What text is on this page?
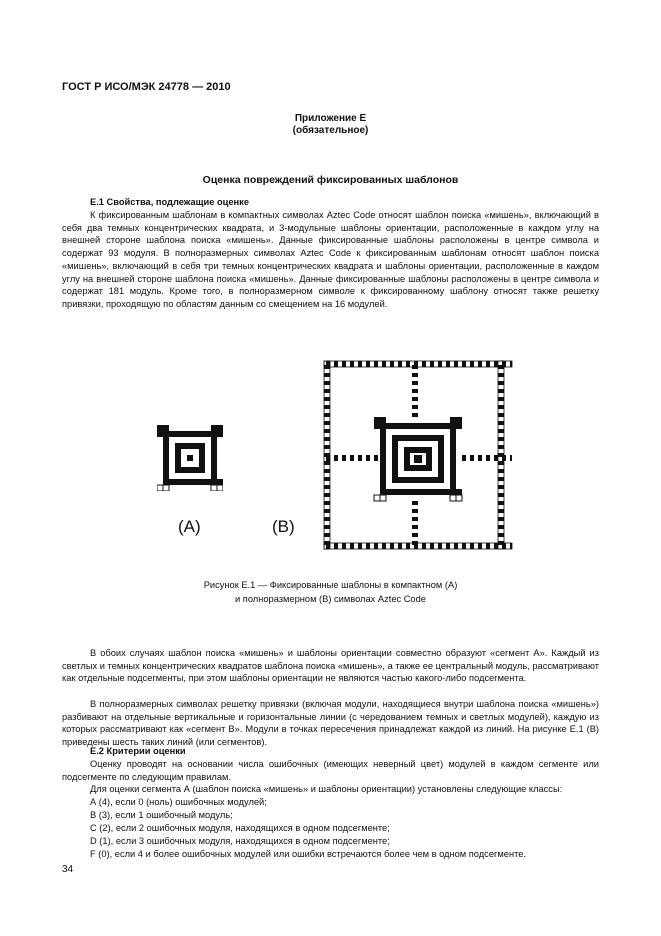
ГОСТ Р ИСО/МЭК 24778 — 2010
Приложение Е
(обязательное)
Оценка повреждений фиксированных шаблонов
Е.1 Свойства, подлежащие оценке
К фиксированным шаблонам в компактных символах Aztec Code относят шаблон поиска «мишень», включающий в себя два темных концентрических квадрата, и 3-модульные шаблоны ориентации, расположенные в каждом углу на внешней стороне шаблона поиска «мишень». Данные фиксированные шаблоны расположены в центре символа и содержат 93 модуля. В полноразмерных символах Aztec Code к фиксированным шаблонам относят шаблон поиска «мишень», включающий в себя три темных концентрических квадрата и шаблоны ориентации, расположенные в каждом углу на внешней стороне шаблона поиска «мишень». Данные фиксированные шаблоны расположены в центре символа и содержат 181 модуль. Кроме того, в полноразмерном символе к фиксированному шаблону относят также решетку привязки, проходящую по областям данным со смещением на 16 модулей.
(A)	(B)
Рисунок Е.1 — Фиксированные шаблоны в компактном (А)
и полноразмерном (В) символах Aztec Code
В обоих случаях шаблон поиска «мишень» и шаблоны ориентации совместно образуют «сегмент А». Каждый из светлых и темных концентрических квадратов шаблона поиска «мишень», а также ее центральный модуль, рассматривают как отдельные подсегменты, при этом шаблоны ориентации не являются частью какого-либо подсегмента.
В полноразмерных символах решетку привязки (включая модули, находящиеся внутри шаблона поиска «мишень») разбивают на отдельные вертикальные и горизонтальные линии (с чередованием темных и светлых модулей), каждую из которых рассматривают как «сегмент В». Модули в точках пересечения принадлежат каждой из линий. На рисунке Е.1 (В) приведены шесть таких линий (или сегментов).
Е.2 Критерии оценки
Оценку проводят на основании числа ошибочных (имеющих неверный цвет) модулей в каждом сегменте или подсегменте по следующим правилам.
Для оценки сегмента А (шаблон поиска «мишень» и шаблоны ориентации) установлены следующие классы:
А (4), если 0 (ноль) ошибочных модулей;
В (3), если 1 ошибочный модуль;
С (2), если 2 ошибочных модуля, находящихся в одном подсегменте;
D (1), если 3 ошибочных модуля, находящихся в одном подсегменте;
F (0), если 4 и более ошибочных модулей или ошибки встречаются более чем в одном подсегменте.
34
